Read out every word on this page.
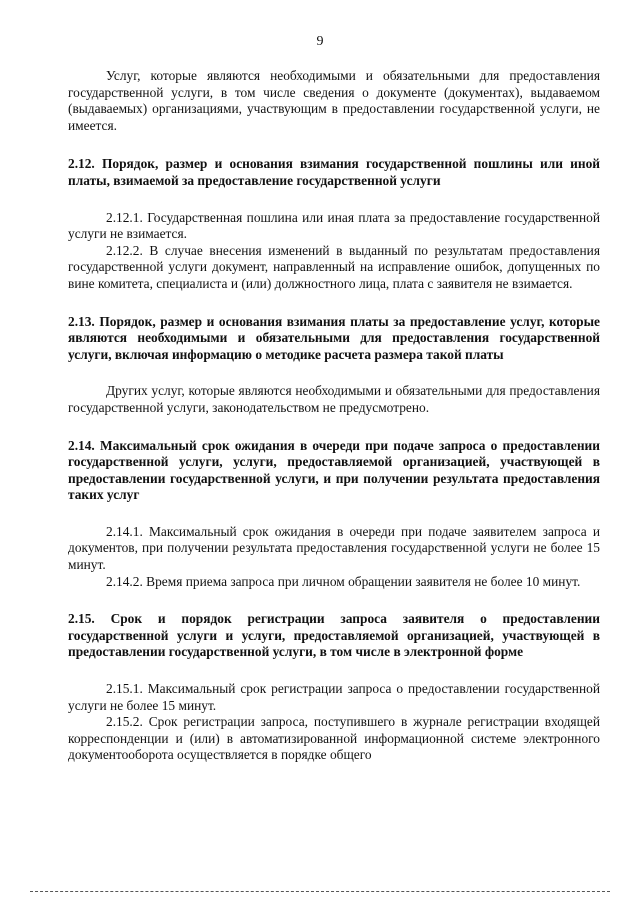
9

Услуг, которые являются необходимыми и обязательными для предоставления государственной услуги, в том числе сведения о документе (документах), выдаваемом (выдаваемых) организациями, участвующим в предоставлении государственной услуги, не имеется.

2.12. Порядок, размер и основания взимания государственной пошлины или иной платы, взимаемой за предоставление государственной услуги

2.12.1. Государственная пошлина или иная плата за предоставление государственной услуги не взимается.

2.12.2. В случае внесения изменений в выданный по результатам предоставления государственной услуги документ, направленный на исправление ошибок, допущенных по вине комитета, специалиста и (или) должностного лица, плата с заявителя не взимается.

2.13. Порядок, размер и основания взимания платы за предоставление услуг, которые являются необходимыми и обязательными для предоставления государственной услуги, включая информацию о методике расчета размера такой платы

Других услуг, которые являются необходимыми и обязательными для предоставления государственной услуги, законодательством не предусмотрено.

2.14. Максимальный срок ожидания в очереди при подаче запроса о предоставлении государственной услуги, услуги, предоставляемой организацией, участвующей в предоставлении государственной услуги, и при получении результата предоставления таких услуг

2.14.1. Максимальный срок ожидания в очереди при подаче заявителем запроса и документов, при получении результата предоставления государственной услуги не более 15 минут.

2.14.2. Время приема запроса при личном обращении заявителя не более 10 минут.

2.15. Срок и порядок регистрации запроса заявителя о предоставлении государственной услуги и услуги, предоставляемой организацией, участвующей в предоставлении государственной услуги, в том числе в электронной форме

2.15.1. Максимальный срок регистрации запроса о предоставлении государственной услуги не более 15 минут.

2.15.2. Срок регистрации запроса, поступившего в журнале регистрации входящей корреспонденции и (или) в автоматизированной информационной системе электронного документооборота осуществляется в порядке общего
